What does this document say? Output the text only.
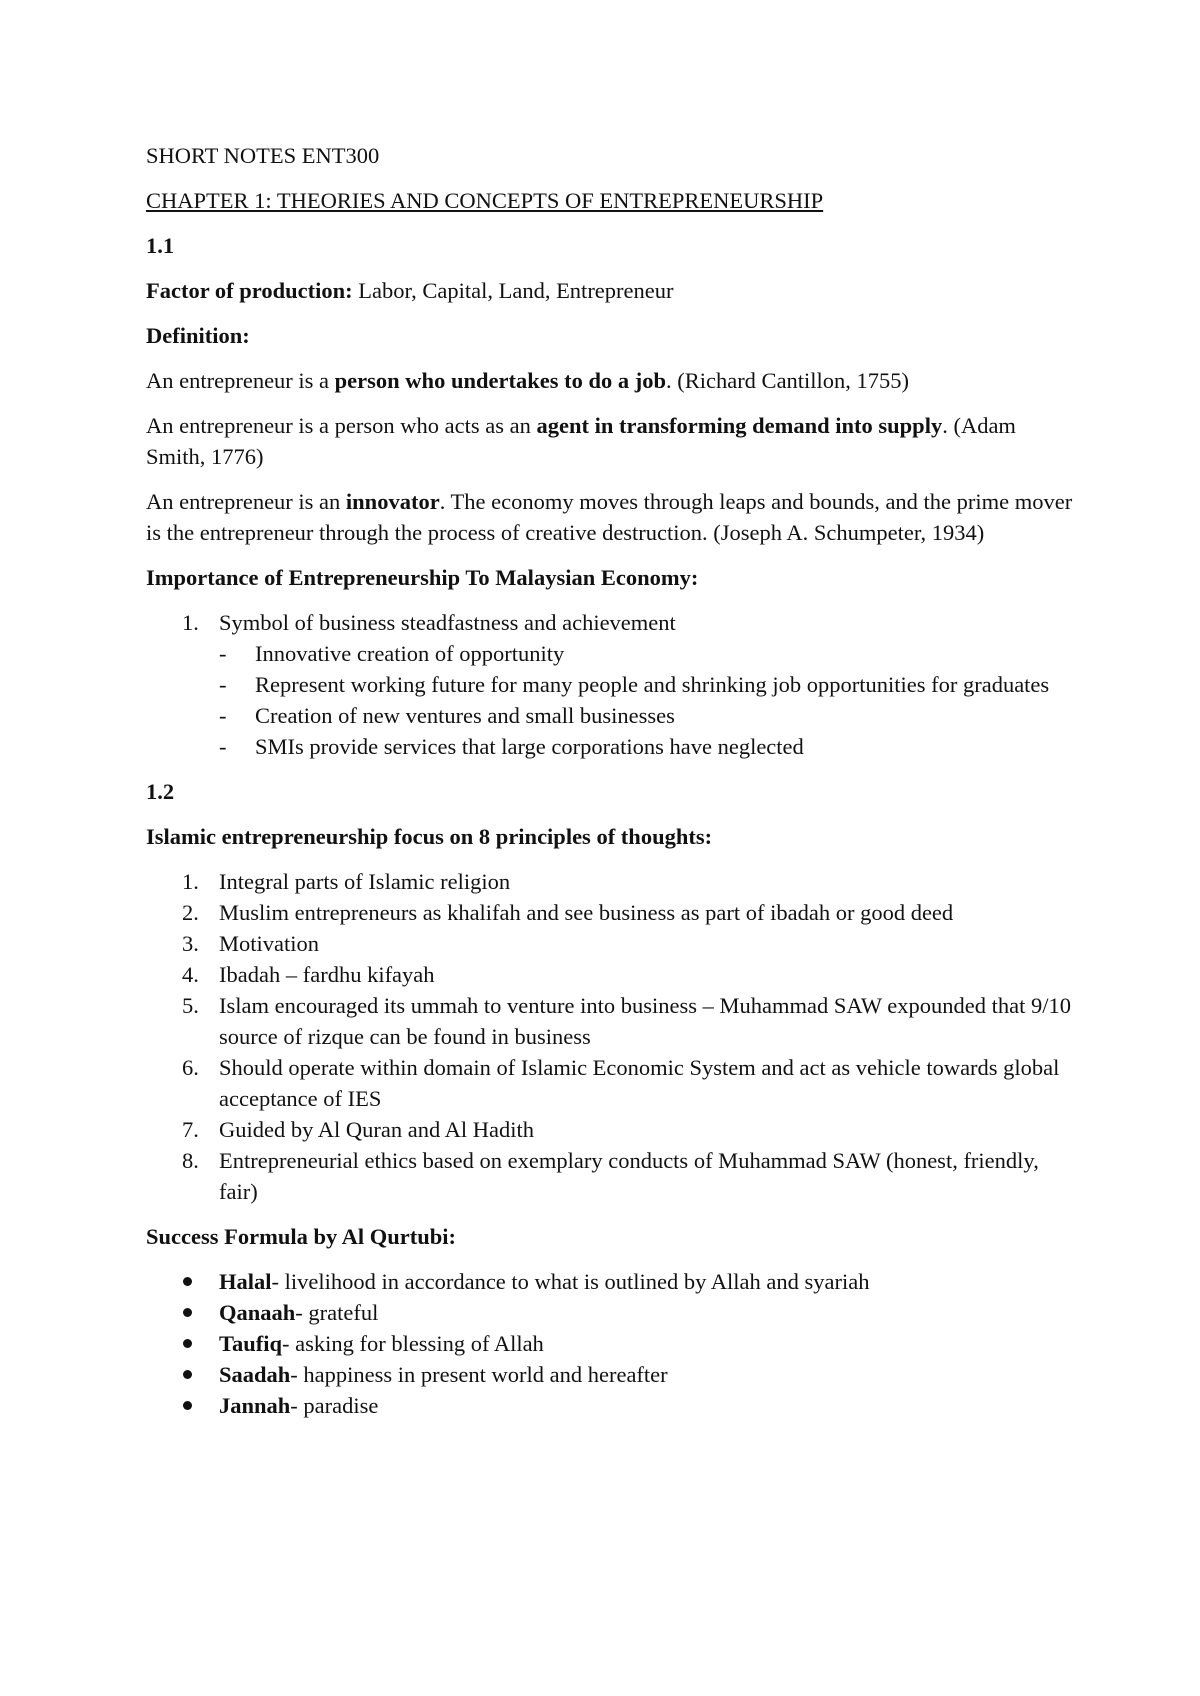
SHORT NOTES ENT300

CHAPTER 1: THEORIES AND CONCEPTS OF ENTREPRENEURSHIP

1.1

Factor of production: Labor, Capital, Land, Entrepreneur

Definition:

An entrepreneur is a person who undertakes to do a job. (Richard Cantillon, 1755)

An entrepreneur is a person who acts as an agent in transforming demand into supply. (Adam Smith, 1776)

An entrepreneur is an innovator. The economy moves through leaps and bounds, and the prime mover is the entrepreneur through the process of creative destruction. (Joseph A. Schumpeter, 1934)

Importance of Entrepreneurship To Malaysian Economy:

1. Symbol of business steadfastness and achievement
- Innovative creation of opportunity
- Represent working future for many people and shrinking job opportunities for graduates
- Creation of new ventures and small businesses
- SMIs provide services that large corporations have neglected

1.2

Islamic entrepreneurship focus on 8 principles of thoughts:

1. Integral parts of Islamic religion
2. Muslim entrepreneurs as khalifah and see business as part of ibadah or good deed
3. Motivation
4. Ibadah – fardhu kifayah
5. Islam encouraged its ummah to venture into business – Muhammad SAW expounded that 9/10 source of rizque can be found in business
6. Should operate within domain of Islamic Economic System and act as vehicle towards global acceptance of IES
7. Guided by Al Quran and Al Hadith
8. Entrepreneurial ethics based on exemplary conducts of Muhammad SAW (honest, friendly, fair)

Success Formula by Al Qurtubi:

Halal- livelihood in accordance to what is outlined by Allah and syariah
Qanaah- grateful
Taufiq- asking for blessing of Allah
Saadah- happiness in present world and hereafter
Jannah- paradise
